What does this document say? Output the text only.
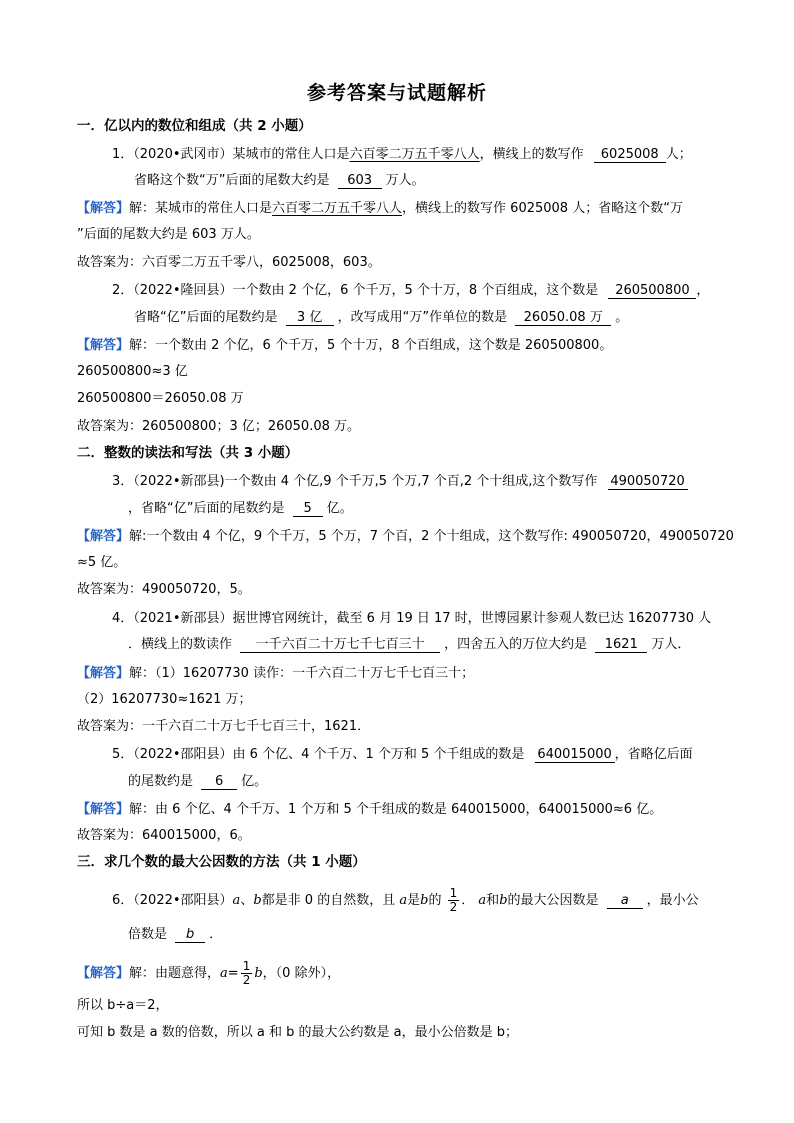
参考答案与试题解析
一．亿以内的数位和组成（共 2 小题）
1．（2020•武冈市）某城市的常住人口是六百零二万五千零八人，横线上的数写作 6025008 人；
省略这个数“万”后面的尾数大约是 603 万人。
【解答】解：某城市的常住人口是六百零二万五千零八人，横线上的数写作 6025008 人；省略这个数“万
”后面的尾数大约是 603 万人。
故答案为：六百零二万五千零八，6025008，603。
2．（2022•隆回县）一个数由 2 个亿，6 个千万，5 个十万，8 个百组成，这个数是 260500800 ，
省略“亿”后面的尾数约是 3 亿 ，改写成用“万”作单位的数是 26050.08 万 。
【解答】解：一个数由 2 个亿，6 个千万，5 个十万，8 个百组成，这个数是 260500800。
260500800≈3 亿
260500800＝26050.08 万
故答案为：260500800；3 亿；26050.08 万。
二．整数的读法和写法（共 3 小题）
3．（2022•新邵县)一个数由 4 个亿,9 个千万,5 个万,7 个百,2 个十组成,这个数写作 490050720
，省略“亿”后面的尾数约是 5 亿。
【解答】解:一个数由 4 个亿，9 个千万，5 个万，7 个百，2 个十组成，这个数写作: 490050720，490050720
≈5 亿。
故答案为：490050720，5。
4．（2021•新邵县）据世博官网统计，截至 6 月 19 日 17 时，世博园累计参观人数已达 16207730 人
．横线上的数读作 一千六百二十万七千七百三十 ，四舍五入的万位大约是 1621 万人．
【解答】解：（1）16207730 读作：一千六百二十万七千七百三十；
（2）16207730≈1621 万；
故答案为：一千六百二十万七千七百三十，1621．
5．（2022•邵阳县）由 6 个亿、4 个千万、1 个万和 5 个千组成的数是 640015000 ，省略亿后面
的尾数约是 6 亿。
【解答】解：由 6 个亿、4 个千万、1 个万和 5 个千组成的数是 640015000，640015000≈6 亿。
故答案为：640015000，6。
三．求几个数的最大公因数的方法（共 1 小题）
6．（2022•邵阳县）a、b都是非 0 的自然数，且 a是b的 $\frac{1}{2}$ ． a和b的最大公因数是 a ，最小公
倍数是 b ．
【解答】解：由题意得，$a= \frac{1}{2}$ b，（0 除外），
所以 b÷a＝2，
可知 b 数是 a 数的倍数，所以 a 和 b 的最大公约数是 a，最小公倍数是 b；
